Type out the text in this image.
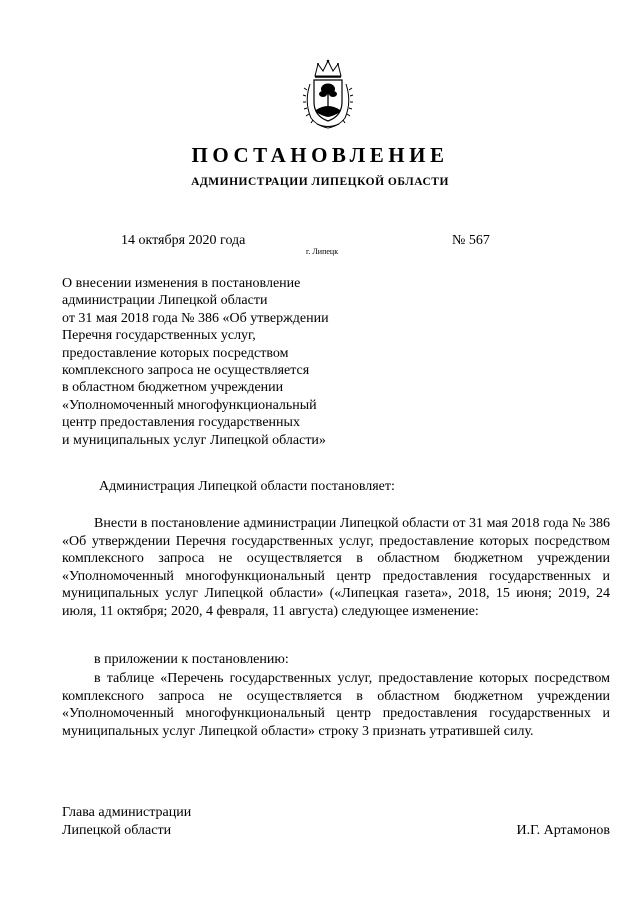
ПОСТАНОВЛЕНИЕ
АДМИНИСТРАЦИИ ЛИПЕЦКОЙ ОБЛАСТИ
14 октября 2020 года
г. Липецк
№ 567
О внесении изменения в постановление
администрации Липецкой области
от 31 мая 2018 года № 386 «Об утверждении
Перечня государственных услуг,
предоставление которых посредством
комплексного запроса не осуществляется
в областном бюджетном учреждении
«Уполномоченный многофункциональный
центр предоставления государственных
и муниципальных услуг Липецкой области»
Администрация Липецкой области постановляет:
Внести в постановление администрации Липецкой области от 31 мая 2018 года № 386 «Об утверждении Перечня государственных услуг, предоставление которых посредством комплексного запроса не осуществляется в областном бюджетном учреждении «Уполномоченный многофункциональный центр предоставления государственных и муниципальных услуг Липецкой области» («Липецкая газета», 2018, 15 июня; 2019, 24 июля, 11 октября; 2020, 4 февраля, 11 августа) следующее изменение:
в приложении к постановлению:
в таблице «Перечень государственных услуг, предоставление которых посредством комплексного запроса не осуществляется в областном бюджетном учреждении «Уполномоченный многофункциональный центр предоставления государственных и муниципальных услуг Липецкой области» строку 3 признать утратившей силу.
Глава администрации
Липецкой области	И.Г. Артамонов
